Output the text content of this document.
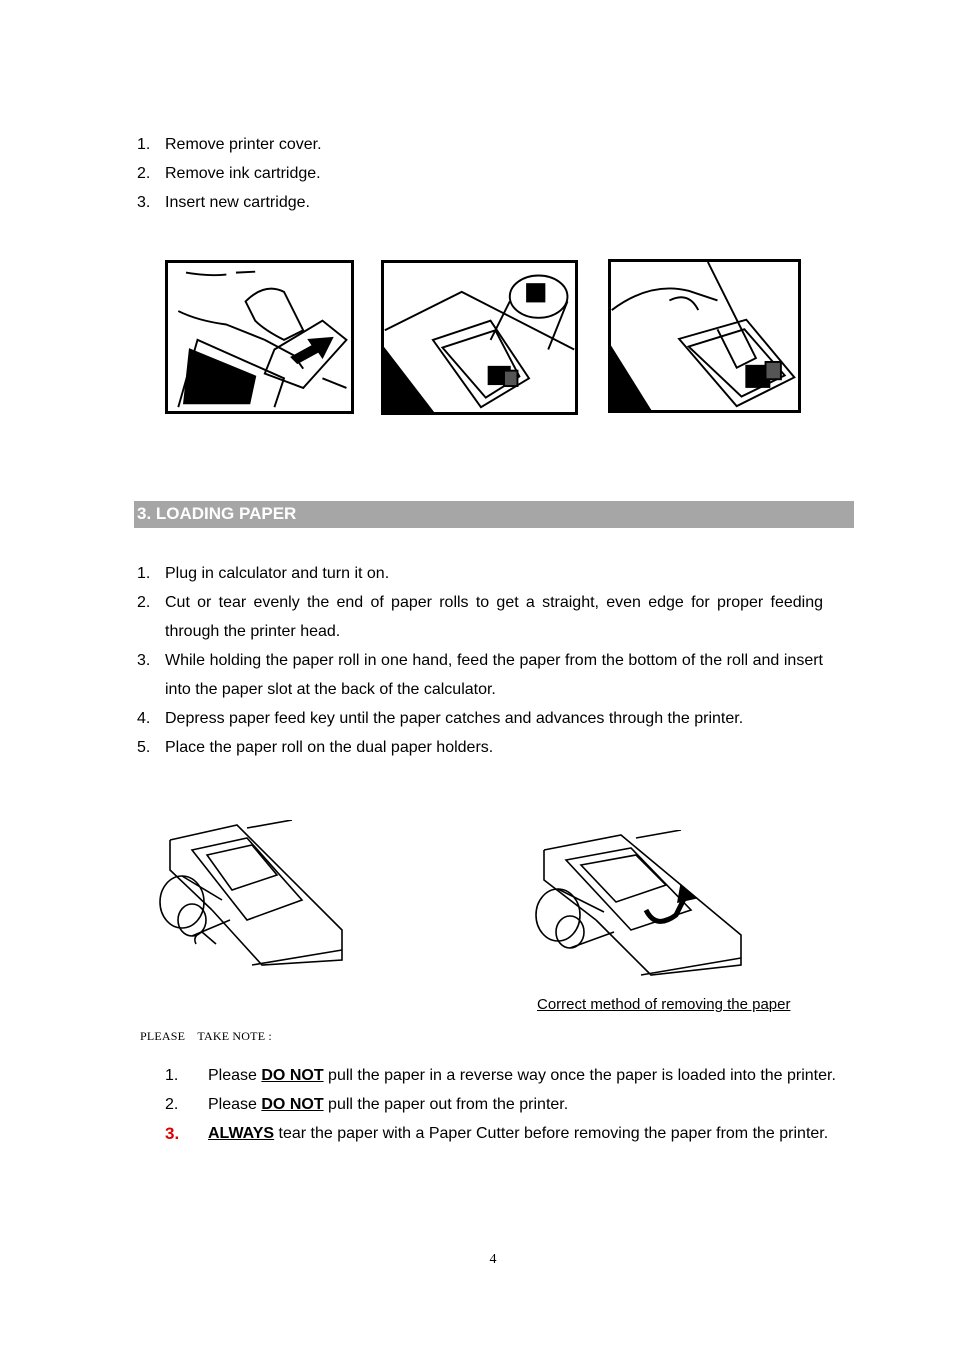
1. Remove printer cover.
2. Remove ink cartridge.
3. Insert new cartridge.
3. LOADING PAPER
1. Plug in calculator and turn it on.
2. Cut or tear evenly the end of paper rolls to get a straight, even edge for proper feeding through the printer head.
3. While holding the paper roll in one hand, feed the paper from the bottom of the roll and insert into the paper slot at the back of the calculator.
4. Depress paper feed key until the paper catches and advances through the printer.
5. Place the paper roll on the dual paper holders.
Correct method of removing the paper
PLEASE　TAKE NOTE :
1. Please DO NOT pull the paper in a reverse way once the paper is loaded into the printer.
2. Please DO NOT pull the paper out from the printer.
3. ALWAYS tear the paper with a Paper Cutter before removing the paper from the printer.
4
